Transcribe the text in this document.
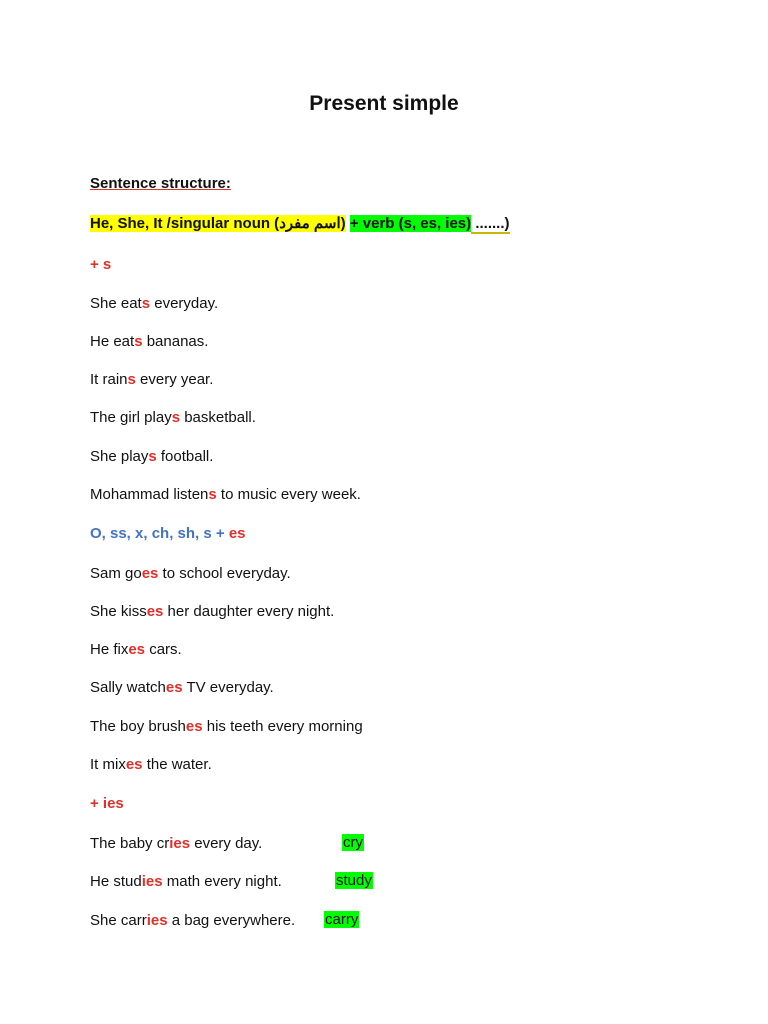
Present simple
Sentence structure:
He, She, It /singular noun (اسم مفرد) + verb (s, es, ies) .......)
+ s
She eats everyday.
He eats bananas.
It rains every year.
The girl plays basketball.
She plays football.
Mohammad listens to music every week.
O, ss, x, ch, sh, s + es
Sam goes to school everyday.
She kisses her daughter every night.
He fixes cars.
Sally watches TV everyday.
The boy brushes his teeth every morning
It mixes the water.
+ ies
The baby cries every day.	cry
He studies math every night.	study
She carries a bag everywhere. carry
